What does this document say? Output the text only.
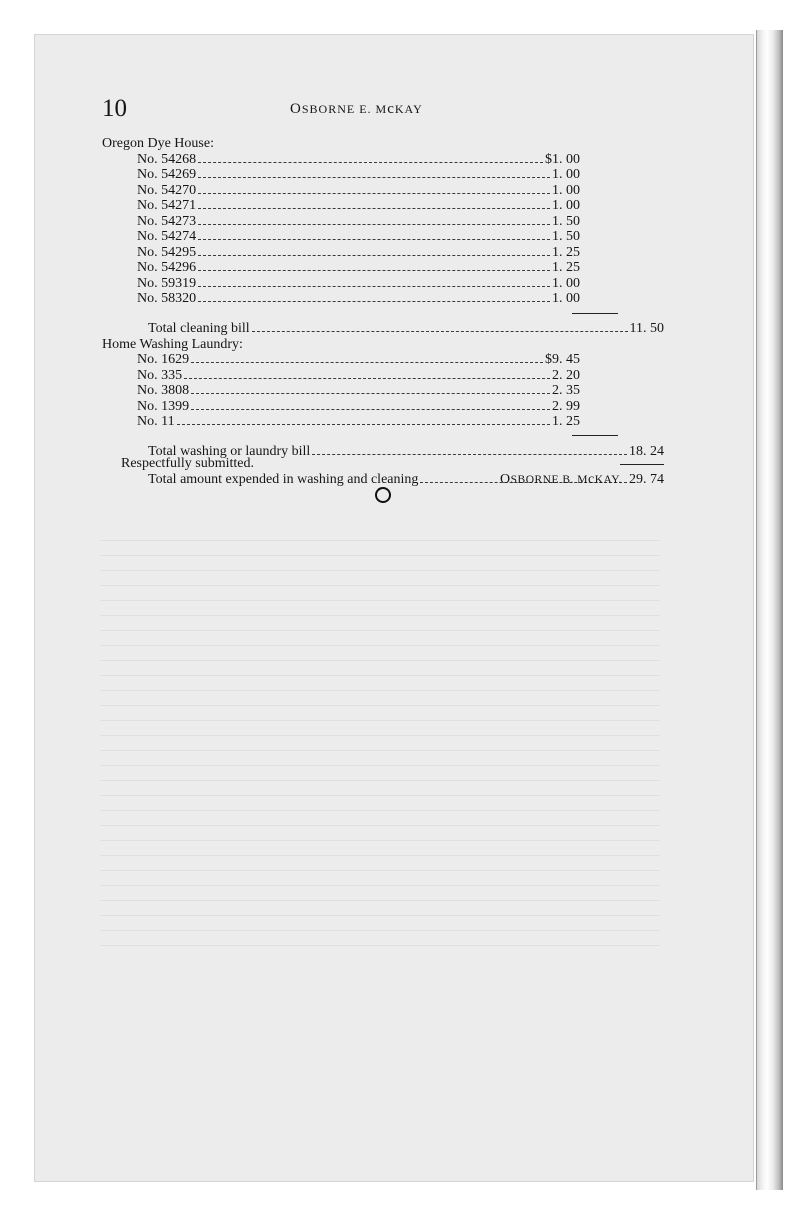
10	OSBORNE E. McKAY
Oregon Dye House:
No. 54268	$1. 00
No. 54269	1. 00
No. 54270	1. 00
No. 54271	1. 00
No. 54273	1. 50
No. 54274	1. 50
No. 54295	1. 25
No. 54296	1. 25
No. 59319	1. 00
No. 58320	1. 00
Total cleaning bill	11. 50
Home Washing Laundry:
No. 1629	$9. 45
No. 335	2. 20
No. 3808	2. 35
No. 1399	2. 99
No. 11	1. 25
Total washing or laundry bill	18. 24
Total amount expended in washing and cleaning	29. 74
Respectfully submitted.
OSBORNE B. McKAY.
